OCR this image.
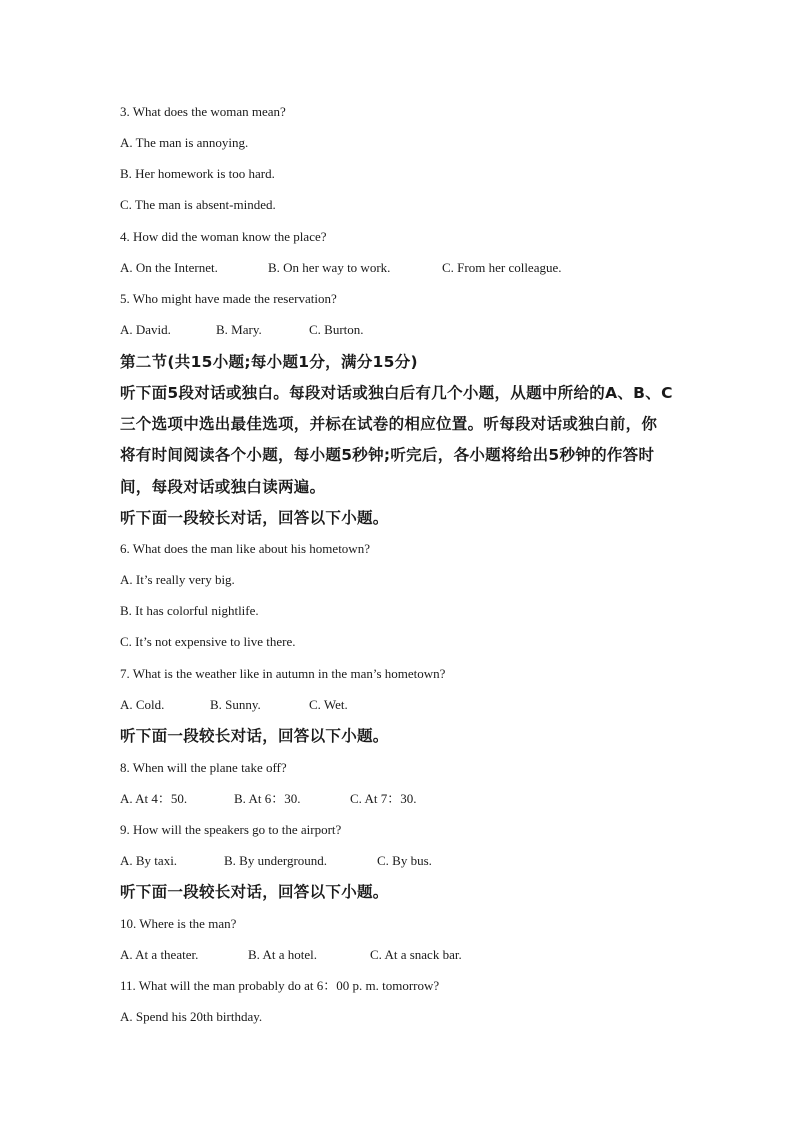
3. What does the woman mean?
A. The man is annoying.
B. Her homework is too hard.
C. The man is absent-minded.
4. How did the woman know the place?
A. On the Internet.	B. On her way to work.	C. From her colleague.
5. Who might have made the reservation?
A. David.	B. Mary.	C. Burton.
第二节(共15小题;每小题1分，满分15分)
听下面5段对话或独白。每段对话或独白后有几个小题，从题中所给的A、B、C
三个选项中选出最佳选项，并标在试卷的相应位置。听每段对话或独白前，你
将有时间阅读各个小题，每小题5秒钟;听完后，各小题将给出5秒钟的作答时
间，每段对话或独白读两遍。
听下面一段较长对话，回答以下小题。
6. What does the man like about his hometown?
A. It’s really very big.
B. It has colorful nightlife.
C. It’s not expensive to live there.
7. What is the weather like in autumn in the man’s hometown?
A. Cold.	B. Sunny.	C. Wet.
听下面一段较长对话，回答以下小题。
8. When will the plane take off?
A. At 4：50.	B. At 6：30.	C. At 7：30.
9. How will the speakers go to the airport?
A. By taxi.	B. By underground.	C. By bus.
听下面一段较长对话，回答以下小题。
10. Where is the man?
A. At a theater.	B. At a hotel.	C. At a snack bar.
11. What will the man probably do at 6：00 p. m. tomorrow?
A. Spend his 20th birthday.
